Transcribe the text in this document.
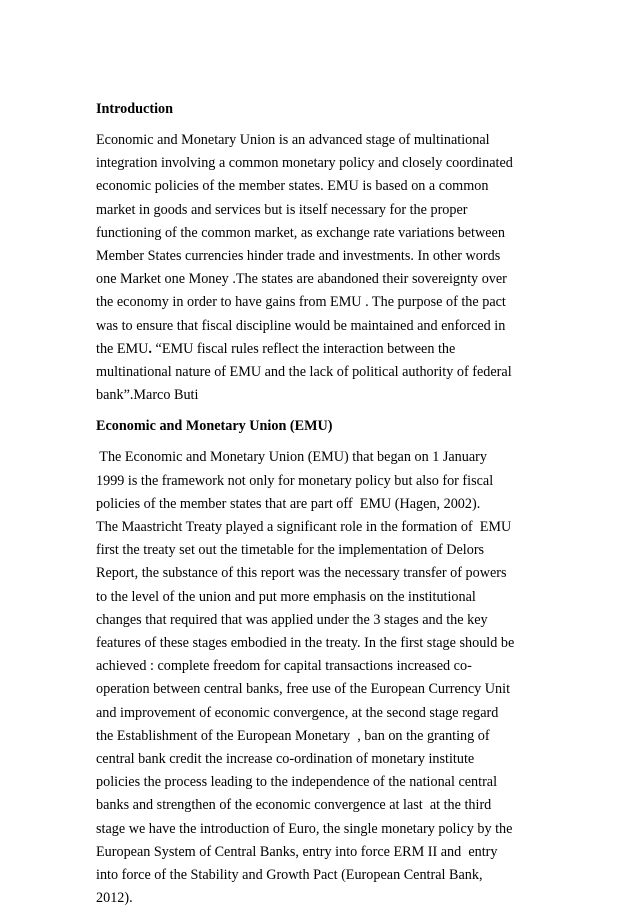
Introduction
Economic and Monetary Union is an advanced stage of multinational
integration involving a common monetary policy and closely coordinated
economic policies of the member states. EMU is based on a common
market in goods and services but is itself necessary for the proper
functioning of the common market, as exchange rate variations between
Member States currencies hinder trade and investments. In other words
one Market one Money .The states are abandoned their sovereignty over
the economy in order to have gains from EMU . The purpose of the pact
was to ensure that fiscal discipline would be maintained and enforced in
the EMU. “EMU fiscal rules reflect the interaction between the
multinational nature of EMU and the lack of political authority of federal
bank”.Marco Buti
Economic and Monetary Union (EMU)
The Economic and Monetary Union (EMU) that began on 1 January
1999 is the framework not only for monetary policy but also for fiscal
policies of the member states that are part off  EMU (Hagen, 2002).
The Maastricht Treaty played a significant role in the formation of  EMU
first the treaty set out the timetable for the implementation of Delors
Report, the substance of this report was the necessary transfer of powers
to the level of the union and put more emphasis on the institutional
changes that required that was applied under the 3 stages and the key
features of these stages embodied in the treaty. In the first stage should be
achieved : complete freedom for capital transactions increased co-
operation between central banks, free use of the European Currency Unit
and improvement of economic convergence, at the second stage regard
the Establishment of the European Monetary  , ban on the granting of
central bank credit the increase co-ordination of monetary institute
policies the process leading to the independence of the national central
banks and strengthen of the economic convergence at last  at the third
stage we have the introduction of Euro, the single monetary policy by the
European System of Central Banks, entry into force ERM II and  entry
into force of the Stability and Growth Pact (European Central Bank,
2012).
